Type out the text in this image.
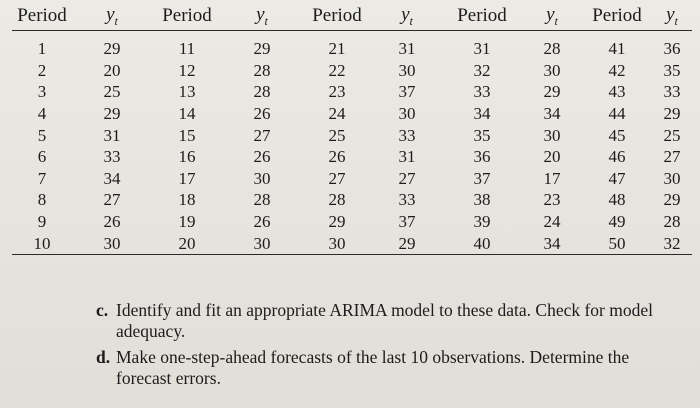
Period	$y_t$	Period	$y_t$	Period	$y_t$	Period	$y_t$	Period	$y_t$
1	29	11	29	21	31	31	28	41	36
2	20	12	28	22	30	32	30	42	35
3	25	13	28	23	37	33	29	43	33
4	29	14	26	24	30	34	34	44	29
5	31	15	27	25	33	35	30	45	25
6	33	16	26	26	31	36	20	46	27
7	34	17	30	27	27	37	17	47	30
8	27	18	28	28	33	38	23	48	29
9	26	19	26	29	37	39	24	49	28
10	30	20	30	30	29	40	34	50	32
c. Identify and fit an appropriate ARIMA model to these data. Check for model adequacy.
d. Make one-step-ahead forecasts of the last 10 observations. Determine the forecast errors.
